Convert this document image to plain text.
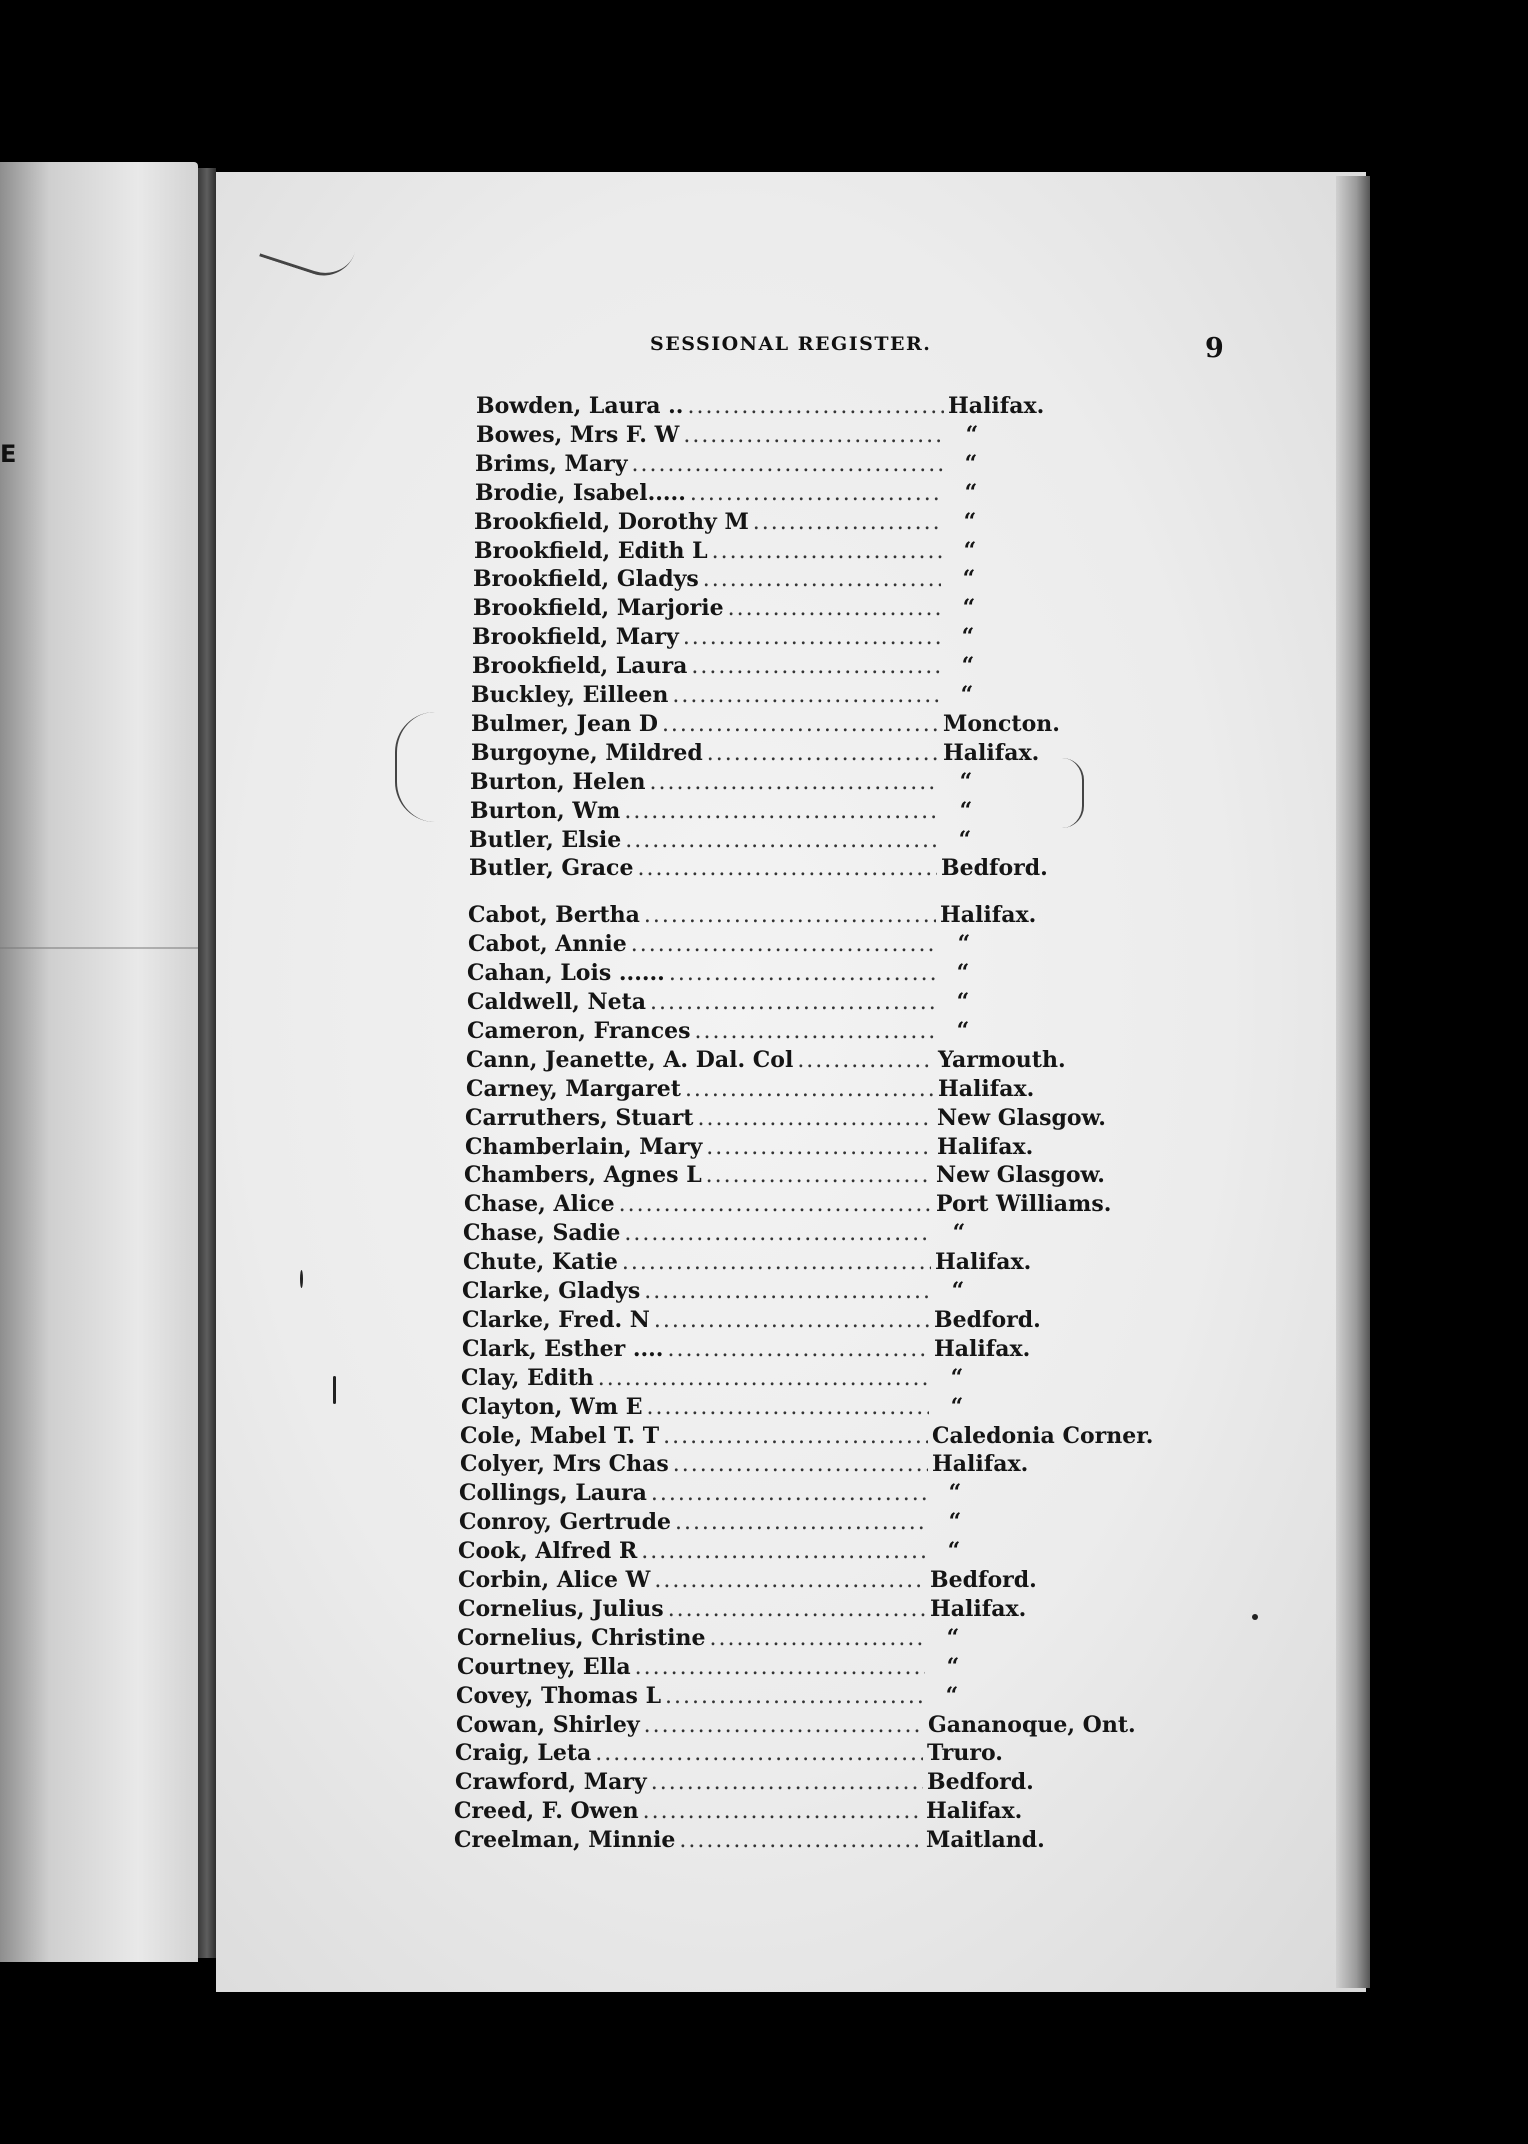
E
SESSIONAL REGISTER.	9
Bowden, Laura .. .....	Halifax.
Bowes, Mrs F. W .....	“
Brims, Mary .....	“
Brodie, Isabel..... .....	“
Brookfield, Dorothy M .....	“
Brookfield, Edith L .....	“
Brookfield, Gladys .....	“
Brookfield, Marjorie .....	“
Brookfield, Mary .....	“
Brookfield, Laura .....	“
Buckley, Eilleen .....	“
Bulmer, Jean D .....	Moncton.
Burgoyne, Mildred .....	Halifax.
Burton, Helen .....	“
Burton, Wm .....	“
Butler, Elsie .....	“
Butler, Grace .....	Bedford.
Cabot, Bertha .....	Halifax.
Cabot, Annie .....	“
Cahan, Lois ...... .....	“
Caldwell, Neta .....	“
Cameron, Frances .....	“
Cann, Jeanette, A. Dal. Col .....	Yarmouth.
Carney, Margaret .....	Halifax.
Carruthers, Stuart .....	New Glasgow.
Chamberlain, Mary .....	Halifax.
Chambers, Agnes L .....	New Glasgow.
Chase, Alice .....	Port Williams.
Chase, Sadie .....	“
Chute, Katie .....	Halifax.
Clarke, Gladys .....	“
Clarke, Fred. N .....	Bedford.
Clark, Esther .... .....	Halifax.
Clay, Edith .....	“
Clayton, Wm E .....	“
Cole, Mabel T. T .....	Caledonia Corner.
Colyer, Mrs Chas .....	Halifax.
Collings, Laura .....	“
Conroy, Gertrude .....	“
Cook, Alfred R .....	“
Corbin, Alice W .....	Bedford.
Cornelius, Julius .....	Halifax.
Cornelius, Christine .....	“
Courtney, Ella .....	“
Covey, Thomas L .....	“
Cowan, Shirley .....	Gananoque, Ont.
Craig, Leta .....	Truro.
Crawford, Mary .....	Bedford.
Creed, F. Owen .....	Halifax.
Creelman, Minnie .....	Maitland.
